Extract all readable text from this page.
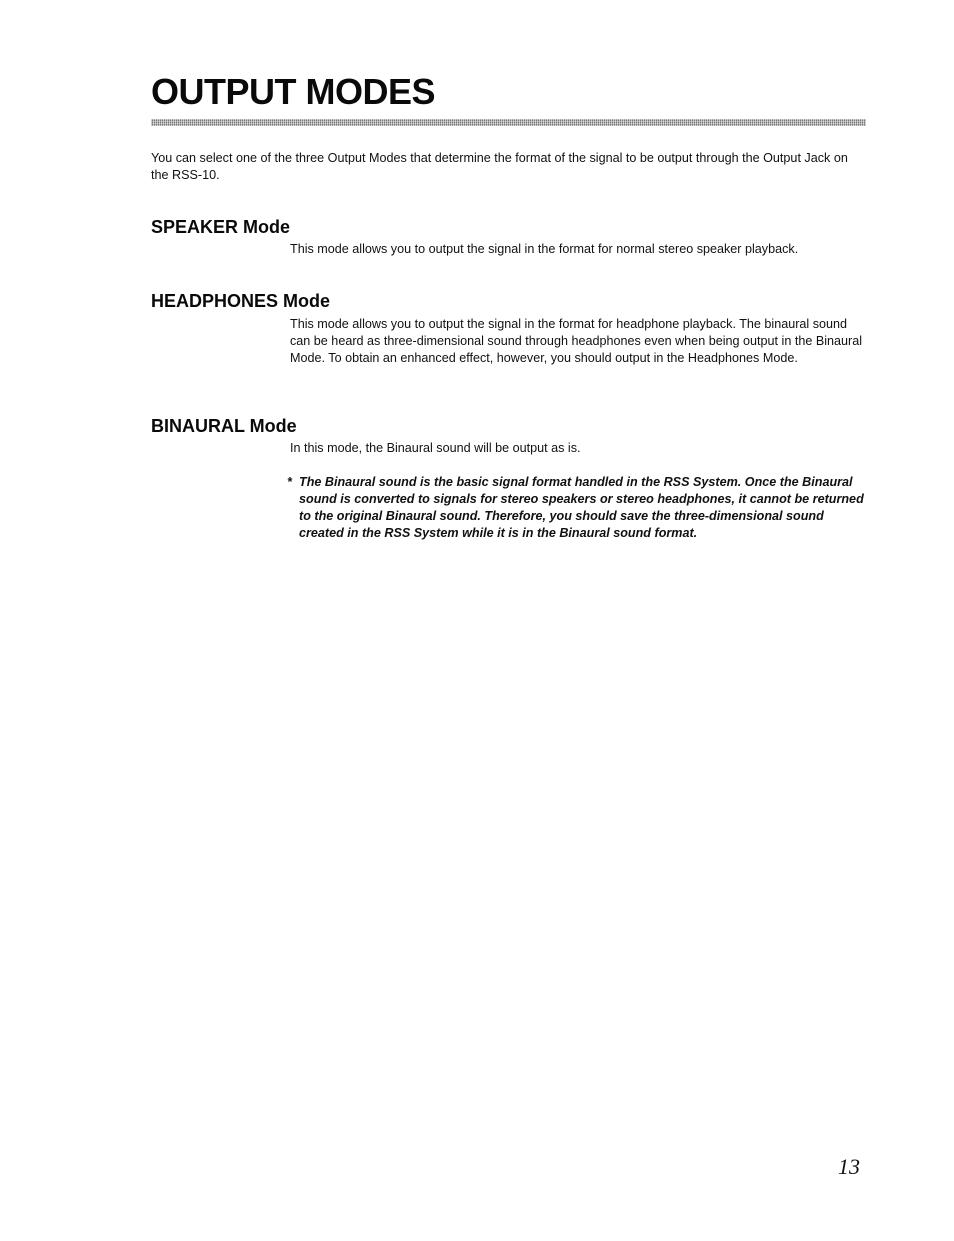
OUTPUT MODES

You can select one of the three Output Modes that determine the format of the signal to be output through the Output Jack on the RSS-10.

SPEAKER Mode

This mode allows you to output the signal in the format for normal stereo speaker playback.

HEADPHONES Mode

This mode allows you to output the signal in the format for headphone playback. The binaural sound can be heard as three-dimensional sound through headphones even when being output in the Binaural Mode. To obtain an enhanced effect, however, you should output in the Headphones Mode.

BINAURAL Mode

In this mode, the Binaural sound will be output as is.

* The Binaural sound is the basic signal format handled in the RSS System. Once the Binaural sound is converted to signals for stereo speakers or stereo headphones, it cannot be returned to the original Binaural sound. Therefore, you should save the three-dimensional sound created in the RSS System while it is in the Binaural sound format.
13
